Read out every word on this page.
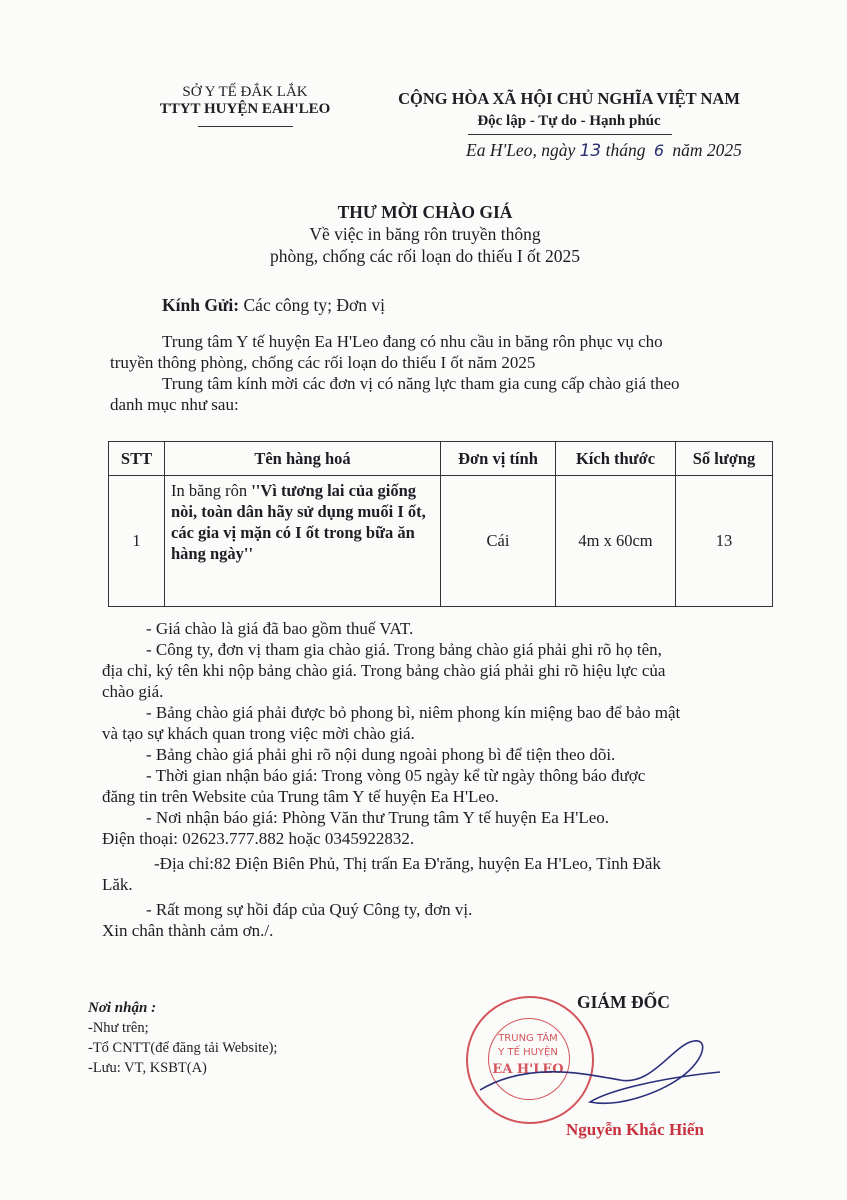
SỞ Y TẾ ĐẮK LẮK
TTYT HUYỆN EAH'LEO
CỘNG HÒA XÃ HỘI CHỦ NGHĨA VIỆT NAM
Độc lập - Tự do - Hạnh phúc
Ea H'Leo, ngày 13 tháng 6 năm 2025
THƯ MỜI CHÀO GIÁ
Về việc in băng rôn truyền thông
phòng, chống các rối loạn do thiếu I ốt 2025
Kính Gửi: Các công ty; Đơn vị
Trung tâm Y tế huyện Ea H'Leo đang có nhu cầu in băng rôn phục vụ cho
truyền thông phòng, chống các rối loạn do thiếu I ốt năm 2025
Trung tâm kính mời các đơn vị có năng lực tham gia cung cấp chào giá theo
danh mục như sau:
STT	Tên hàng hoá	Đơn vị tính	Kích thước	Số lượng
1	In băng rôn ''Vì tương lai của giống nòi, toàn dân hãy sử dụng muối I ốt, các gia vị mặn có I ốt trong bữa ăn hàng ngày''	Cái	4m x 60cm	13
- Giá chào là giá đã bao gồm thuế VAT.
- Công ty, đơn vị tham gia chào giá. Trong bảng chào giá phải ghi rõ họ tên,
địa chỉ, ký tên khi nộp bảng chào giá. Trong bảng chào giá phải ghi rõ hiệu lực của
chào giá.
- Bảng chào giá phải được bỏ phong bì, niêm phong kín miệng bao để bảo mật
và tạo sự khách quan trong việc mời chào giá.
- Bảng chào giá phải ghi rõ nội dung ngoài phong bì để tiện theo dõi.
- Thời gian nhận báo giá: Trong vòng 05 ngày kể từ ngày thông báo được
đăng tin trên Website của Trung tâm Y tế huyện Ea H'Leo.
- Nơi nhận báo giá: Phòng Văn thư Trung tâm Y tế huyện Ea H'Leo.
Điện thoại: 02623.777.882 hoặc 0345922832.
-Địa chỉ:82 Điện Biên Phủ, Thị trấn Ea Đ'răng, huyện Ea H'Leo, Tỉnh Đăk
Lăk.
- Rất mong sự hồi đáp của Quý Công ty, đơn vị.
Xin chân thành cảm ơn./.
Nơi nhận :
-Như trên;
-Tổ CNTT(để đăng tải Website);
-Lưu: VT, KSBT(A)
GIÁM ĐỐC
TRUNG TÂM
Y TẾ HUYỆN
EA H'LEO
Nguyễn Khắc Hiến
